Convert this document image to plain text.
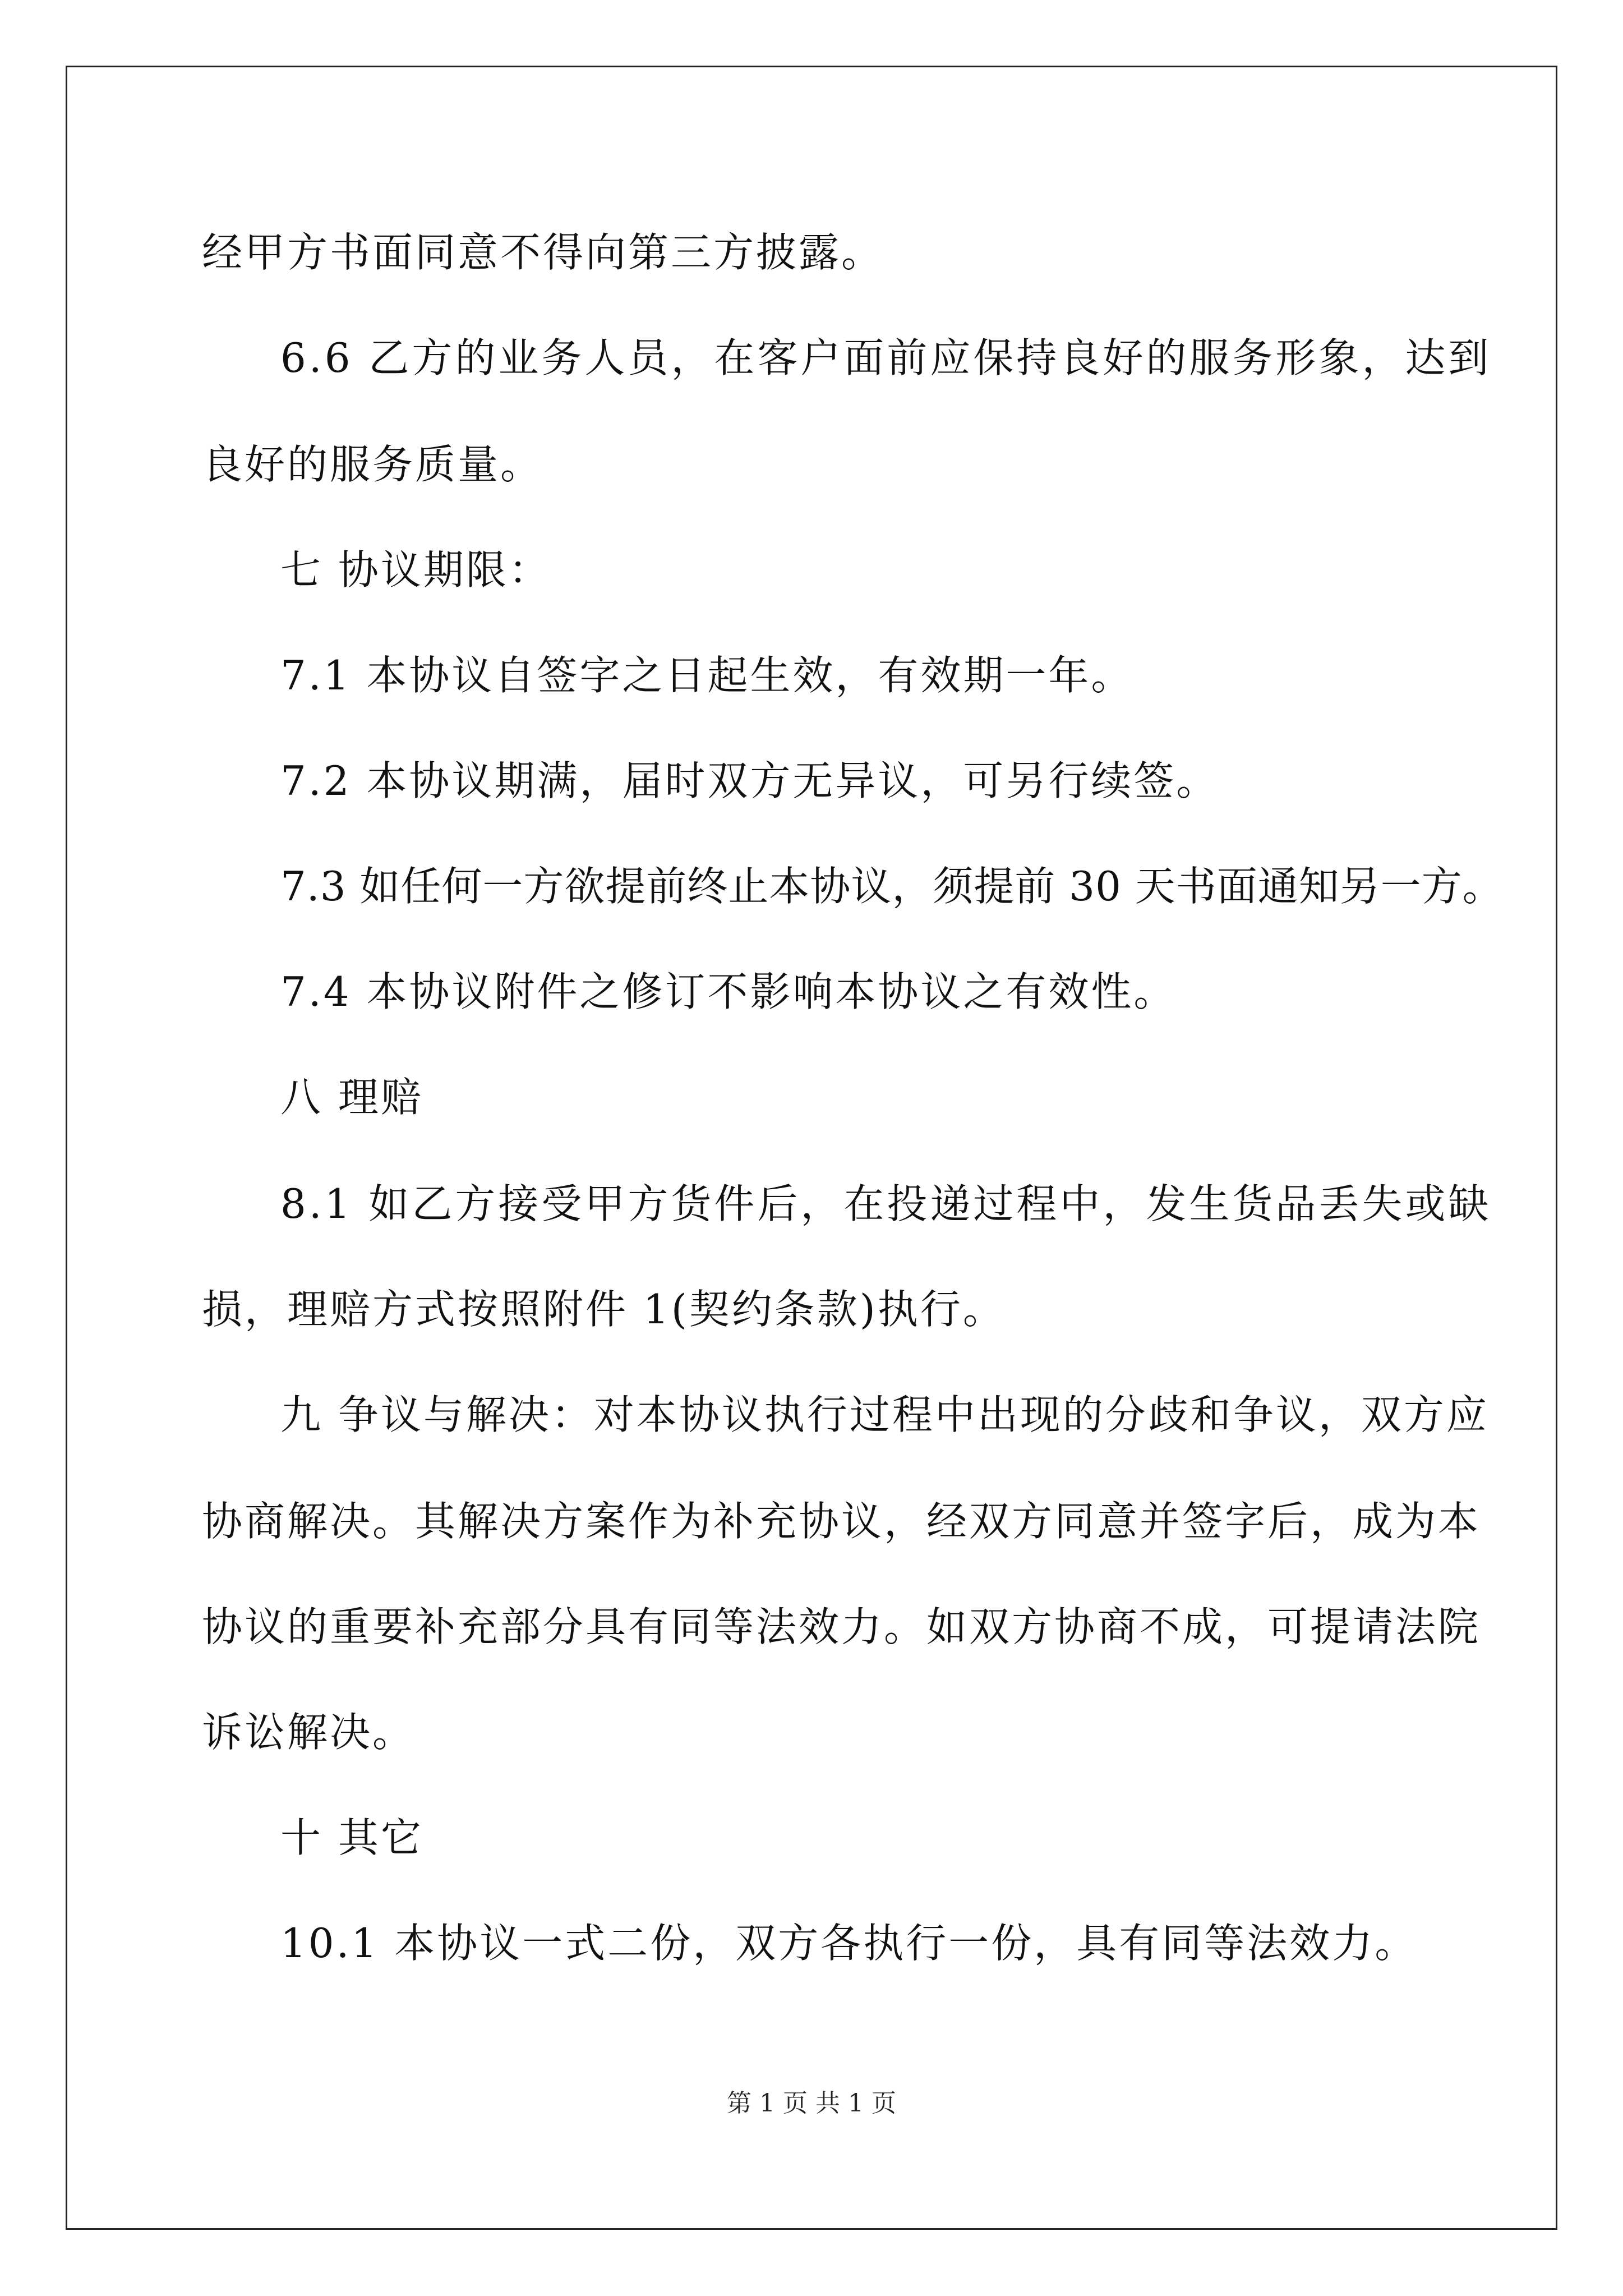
经甲方书面同意不得向第三方披露。
6.6 乙方的业务人员，在客户面前应保持良好的服务形象，达到
良好的服务质量。
七 协议期限：
7.1 本协议自签字之日起生效，有效期一年。
7.2 本协议期满，届时双方无异议，可另行续签。
7.3 如任何一方欲提前终止本协议，须提前 30 天书面通知另一方。
7.4 本协议附件之修订不影响本协议之有效性。
八 理赔
8.1 如乙方接受甲方货件后，在投递过程中，发生货品丢失或缺
损，理赔方式按照附件 1(契约条款)执行。
九 争议与解决：对本协议执行过程中出现的分歧和争议，双方应
协商解决。其解决方案作为补充协议，经双方同意并签字后，成为本
协议的重要补充部分具有同等法效力。如双方协商不成，可提请法院
诉讼解决。
十 其它
10.1 本协议一式二份，双方各执行一份，具有同等法效力。
第 1 页 共 1 页
